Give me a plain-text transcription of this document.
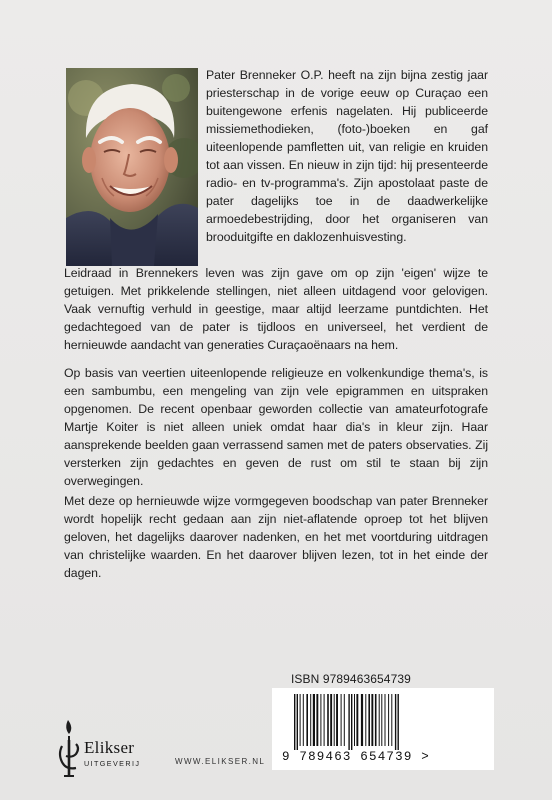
Pater Brenneker O.P. heeft na zijn bijna zestig jaar priesterschap in de vorige eeuw op Curaçao een buitengewone erfenis nagelaten. Hij publiceerde missiemethodieken, (foto-)boeken en gaf uiteenlopende pamfletten uit, van religie en kruiden tot aan vissen. En nieuw in zijn tijd: hij presenteerde radio- en tv-programma's. Zijn apostolaat paste de pater dagelijks toe in de daadwerkelijke armoedebestrijding, door het organiseren van brooduitgifte en daklozenhuisvesting.
Leidraad in Brennekers leven was zijn gave om op zijn 'eigen' wijze te getuigen. Met prikkelende stellingen, niet alleen uitdagend voor gelovigen. Vaak vernuftig verhuld in geestige, maar altijd leerzame puntdichten. Het gedachtegoed van de pater is tijdloos en universeel, het verdient de hernieuwde aandacht van generaties Curaçaoënaars na hem.
Op basis van veertien uiteenlopende religieuze en volkenkundige thema's, is een sambumbu, een mengeling van zijn vele epigrammen en uitspraken opgenomen. De recent openbaar geworden collectie van amateurfotografe Martje Koiter is niet alleen uniek omdat haar dia's in kleur zijn. Haar aansprekende beelden gaan verrassend samen met de paters observaties. Zij versterken zijn gedachtes en geven de rust om stil te staan bij zijn overwegingen.
Met deze op hernieuwde wijze vormgegeven boodschap van pater Brenneker wordt hopelijk recht gedaan aan zijn niet-aflatende oproep tot het blijven geloven, het dagelijks daarover nadenken, en het met voortduring uitdragen van christelijke waarden. En het daarover blijven lezen, tot in het einde der dagen.
ISBN 9789463654739
9 789463 654739 >
Elikser
UITGEVERIJ	WWW.ELIKSER.NL
